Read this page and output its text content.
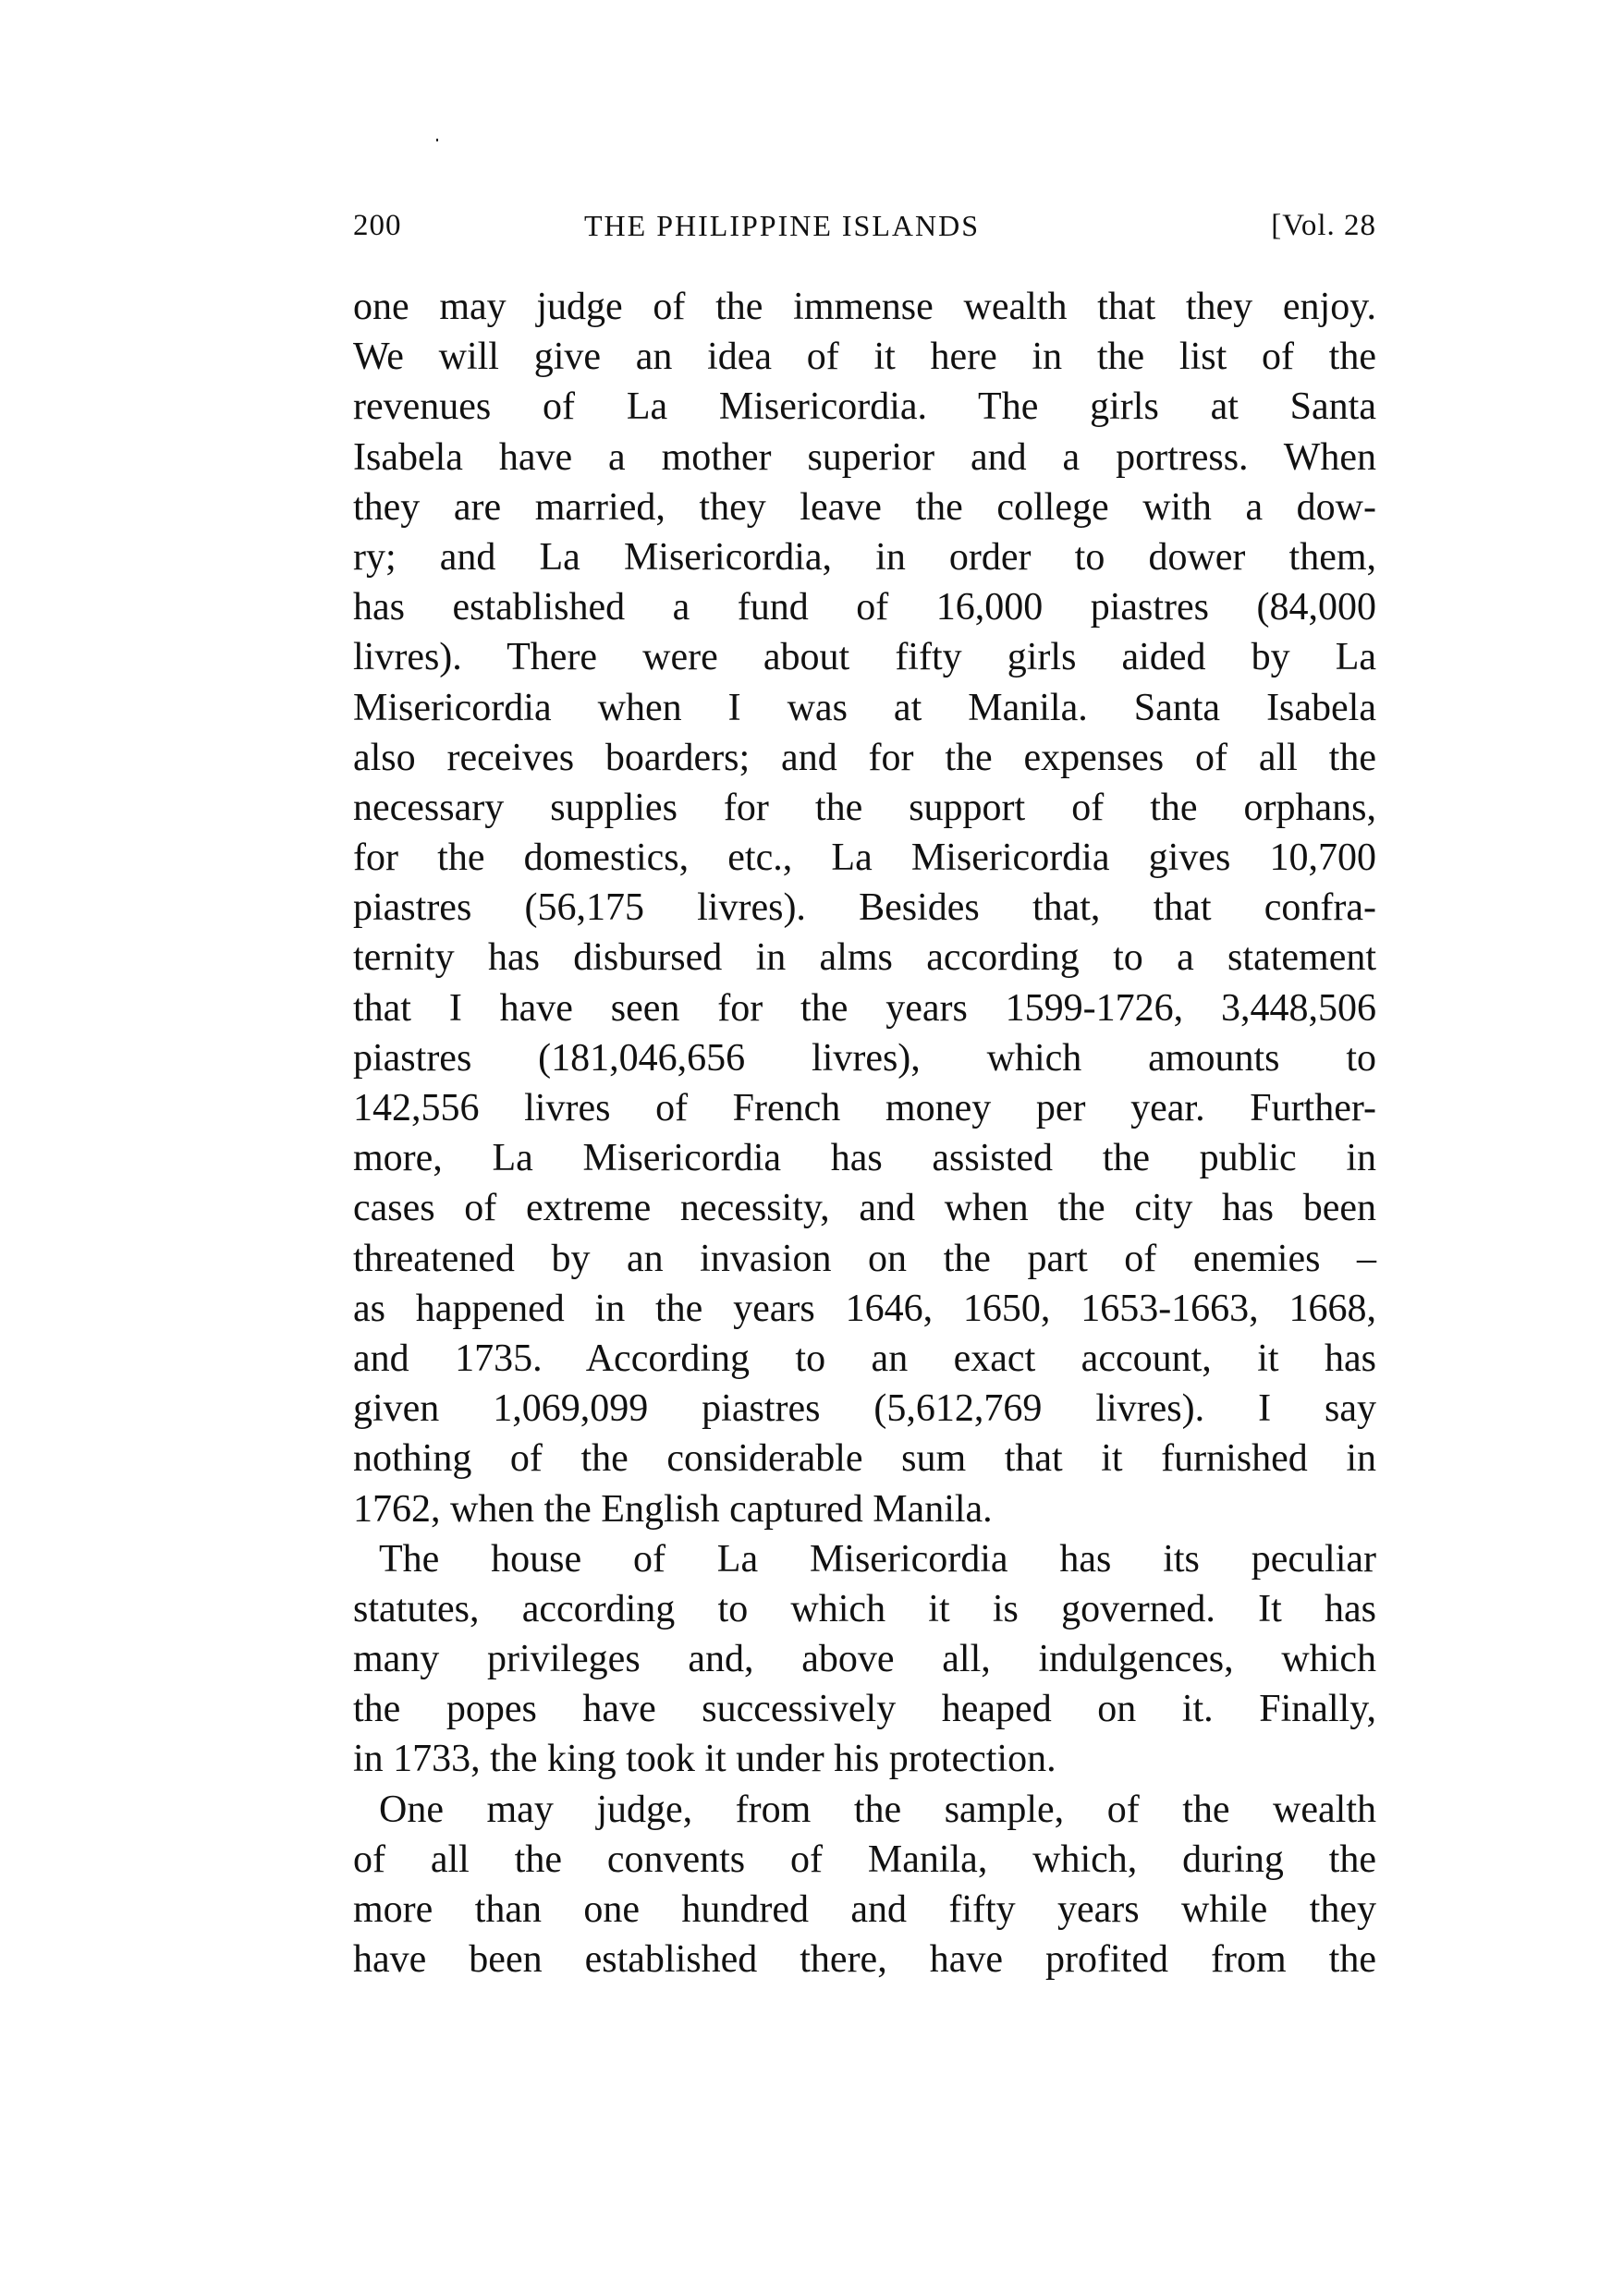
200	THE PHILIPPINE ISLANDS	[Vol. 28
one may judge of the immense wealth that they enjoy.
We will give an idea of it here in the list of the
revenues of La Misericordia. The girls at Santa
Isabela have a mother superior and a portress. When
they are married, they leave the college with a dow-
ry; and La Misericordia, in order to dower them,
has established a fund of 16,000 piastres (84,000
livres). There were about fifty girls aided by La
Misericordia when I was at Manila. Santa Isabela
also receives boarders; and for the expenses of all the
necessary supplies for the support of the orphans,
for the domestics, etc., La Misericordia gives 10,700
piastres (56,175 livres). Besides that, that confra-
ternity has disbursed in alms according to a statement
that I have seen for the years 1599-1726, 3,448,506
piastres (181,046,656 livres), which amounts to
142,556 livres of French money per year. Further-
more, La Misericordia has assisted the public in
cases of extreme necessity, and when the city has been
threatened by an invasion on the part of enemies –
as happened in the years 1646, 1650, 1653-1663, 1668,
and 1735. According to an exact account, it has
given 1,069,099 piastres (5,612,769 livres). I say
nothing of the considerable sum that it furnished in
1762, when the English captured Manila.
The house of La Misericordia has its peculiar
statutes, according to which it is governed. It has
many privileges and, above all, indulgences, which
the popes have successively heaped on it. Finally,
in 1733, the king took it under his protection.
One may judge, from the sample, of the wealth
of all the convents of Manila, which, during the
more than one hundred and fifty years while they
have been established there, have profited from the
